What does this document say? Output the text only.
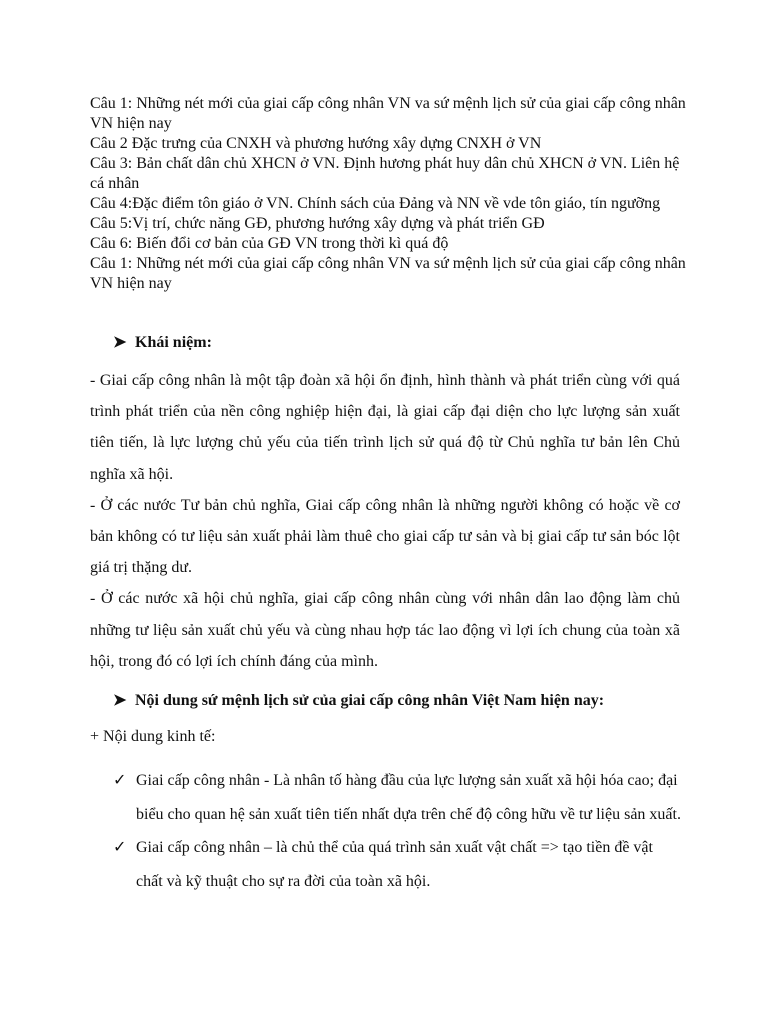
Câu 1: Những nét mới của giai cấp công nhân VN va sứ mệnh lịch sử của giai cấp công nhân VN hiện nay

Câu 2 Đặc trưng của CNXH và phương hướng xây dựng CNXH ở VN

Câu 3: Bản chất dân chủ XHCN ở VN. Định hương phát huy dân chủ XHCN ở VN. Liên hệ cá nhân

Câu 4:Đặc điểm tôn giáo ở VN. Chính sách của Đảng và NN về vde tôn giáo, tín ngưỡng

Câu 5:Vị trí, chức năng GĐ, phương hướng xây dựng và phát triển GĐ

Câu 6: Biến đổi cơ bản của GĐ VN trong thời kì quá độ

Câu 1: Những nét mới của giai cấp công nhân VN va sứ mệnh lịch sử của giai cấp công nhân VN hiện nay

➤ Khái niệm:

- Giai cấp công nhân là một tập đoàn xã hội ổn định, hình thành và phát triển cùng với quá trình phát triển của nền công nghiệp hiện đại, là giai cấp đại diện cho lực lượng sản xuất tiên tiến, là lực lượng chủ yếu của tiến trình lịch sử quá độ từ Chủ nghĩa tư bản lên Chủ nghĩa xã hội.

- Ở các nước Tư bản chủ nghĩa, Giai cấp công nhân là những người không có hoặc về cơ bản không có tư liệu sản xuất phải làm thuê cho giai cấp tư sản và bị giai cấp tư sản bóc lột giá trị thặng dư.

- Ở các nước xã hội chủ nghĩa, giai cấp công nhân cùng với nhân dân lao động làm chủ những tư liệu sản xuất chủ yếu và cùng nhau hợp tác lao động vì lợi ích chung của toàn xã hội, trong đó có lợi ích chính đáng của mình.

➤ Nội dung sứ mệnh lịch sử của giai cấp công nhân Việt Nam hiện nay:
+ Nội dung kinh tế:

✓ Giai cấp công nhân - Là nhân tố hàng đầu của lực lượng sản xuất xã hội hóa cao; đại biểu cho quan hệ sản xuất tiên tiến nhất dựa trên chế độ công hữu về tư liệu sản xuất.

✓ Giai cấp công nhân – là chủ thể của quá trình sản xuất vật chất => tạo tiền đề vật chất và kỹ thuật cho sự ra đời của toàn xã hội.
